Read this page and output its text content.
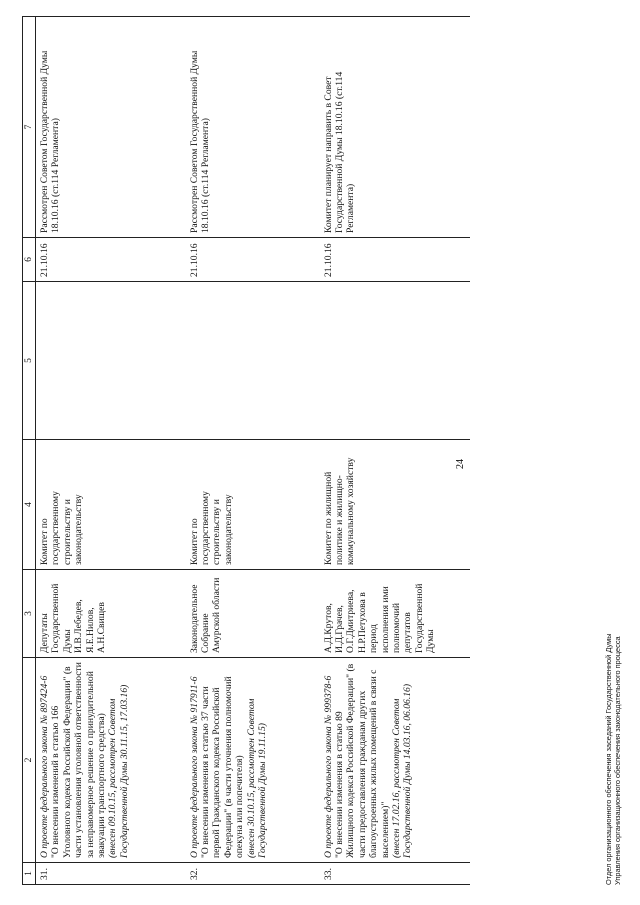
24
1	2	3	4	5	6	7
31.	О проекте федерального закона № 897424-6 "О внесении изменений в статью 166 Уголовного кодекса Российской Федерации" (в части установления уголовной ответственности за неправомерное решение о принудительной эвакуации транспортного средства) (внесен 09.10.15, рассмотрен Советом Государственной Думы 30.11.15, 17.03.16)	Депутаты Государственной Думы И.В.Лебедев, Я.Е.Нилов, А.Н.Свищев	Комитет по государственному строительству и законодательству		21.10.16	Рассмотрен Советом Государственной Думы 18.10.16 (ст.114 Регламента)
32.	О проекте федерального закона № 917911-6 "О внесении изменения в статью 37 части первой Гражданского кодекса Российской Федерации" (в части уточнения полномочий опекуна или попечителя) (внесен 30.10.15, рассмотрен Советом Государственной Думы 19.11.15)	Законодательное Собрание Амурской области	Комитет по государственному строительству и законодательству		21.10.16	Рассмотрен Советом Государственной Думы 18.10.16 (ст.114 Регламента)
33.	О проекте федерального закона № 999378-6 "О внесении изменения в статью 89 Жилищного кодекса Российской Федерации" (в части предоставления гражданам других благоустроенных жилых помещений в связи с выселением)" (внесен 17.02.16, рассмотрен Советом Государственной Думы 14.03.16, 06.06.16)	А.Д.Крутов, И.Д.Грачев, О.Г.Дмитриева, Н.Р.Петухова в период исполнения ими полномочий депутатов Государственной Думы	Комитет по жилищной политике и жилищно-коммунальному хозяйству		21.10.16	Комитет планирует направить в Совет Государственной Думы 18.10.16 (ст.114 Регламента)
Отдел организационного обеспечения заседаний Государственной Думы Управления организационного обеспечения законодательного процесса
